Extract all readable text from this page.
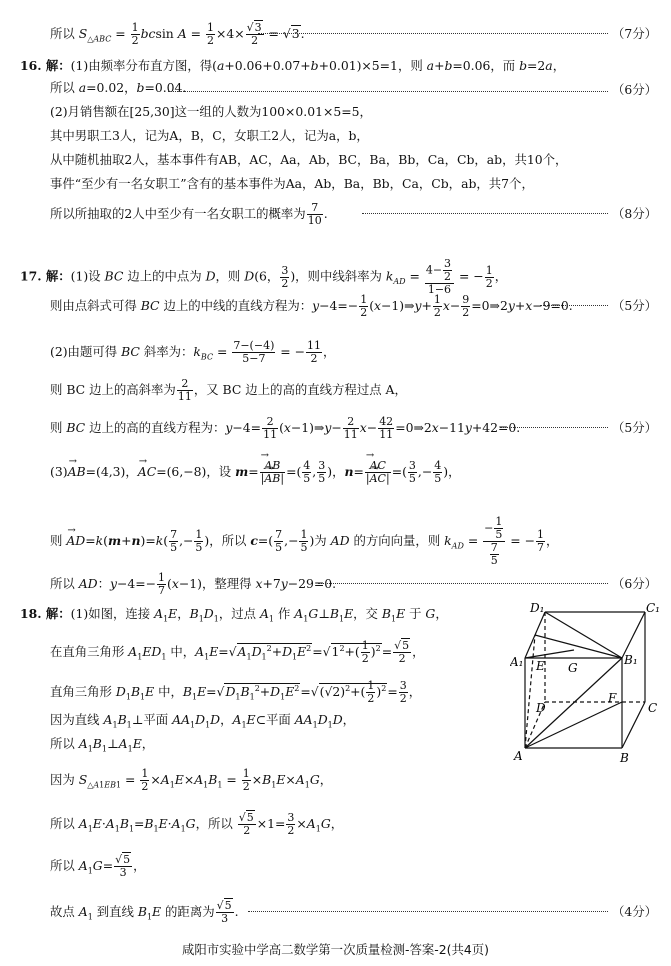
所以 $S_{\triangle ABC} = \frac{1}{2}$ bcsin $A = \frac{1}{2} \times 4\times \frac{√3}{2} = √3$.	（7分）
16. 解：(1)由频率分布直方图，得(a+0.06+0.07+b+0.01)×5=1，则 a+b=0.06，而 b=2a，
所以 a=0.02，b=0.04.	（6分）
(2)月销售额在[25,30]这一组的人数为100×0.01×5=5，
其中男职工3人，记为A，B，C，女职工2人，记为a，b，
从中随机抽取2人，基本事件有AB，AC，Aa，Ab，BC，Ba，Bb，Ca，Cb，ab，共10个，
事件“至少有一名女职工”含有的基本事件为Aa，Ab，Ba，Bb，Ca，Cb，ab，共7个，
所以所抽取的2人中至少有一名女职工的概率为 $\frac{7}{10}$ .	（8分）
17. 解：(1)设 BC 边上的中点为 D，则 D(6， $\frac{3}{2}$ )，则中线斜率为 $k_{AD} = \frac{4- \frac{3}{2}}{1-6}$ = − $\frac{1}{2}$ ，
则由点斜式可得 BC 边上的中线的直线方程为：$y-4=- \frac{1}{2}$ (x−1)⇒y+ $\frac{1}{2} x- \frac{9}{2}$ =0⇒2y+x−9=0.	（5分）
(2)由题可得 BC 斜率为：$k_{BC} = \frac{7-(-4)}{5-7}$ = − $\frac{11}{2}$ ，
则 BC 边上的高斜率为 $\frac{2}{11}$ ，又 BC 边上的高的直线方程过点 A，
则 BC 边上的高的直线方程为：$y-4= \frac{2}{11}$ (x−1)⇒y− $\frac{2}{11} x- \frac{42}{11}$ =0⇒2x−11y+42=0.	（5分）
(3)→ AB=(4,3)，→ AC=(6,−8)，设 m=
→ $\frac{AB}{|\to AB|}$ =( $\frac{4}{5}$ , $\frac{3}{5}$ )，n=
→ $\frac{AC}{|\to AC|}$ =( $\frac{3}{5}$ ,− $\frac{4}{5}$ )，
则 → $AD=k(m+n)=k( \frac{7}{5}$ ,− $\frac{1}{5}$ )，所以 $c=( \frac{7}{5}$ ,− $\frac{1}{5}$ )为 AD 的方向向量，则 $k_{AD} = \frac{- \frac{1}{5}}{\frac{7}{5}}$ = − $\frac{1}{7}$ ，
所以 AD：$y-4=- \frac{1}{7} (x-1)$，整理得 x+7y−29=0.	（6分）
18. 解：(1)如图，连接 $A_1E$，$B_1D_1$，过点 $A_1$ 作 $A_1G\perp B_1E$，交 $B_1E$ 于 G，
在直角三角形 $A_1ED_1$ 中，$A_1E=√A_1D_1^2+D_1E^2=√1^2+( \frac{1}{2} )^2= \frac{√5}{2}$ ，
直角三角形 $D_1B_1E$ 中，$B_1E=√D_1B_1^2+D_1E^2=√(√2)^2+( \frac{1}{2} )^2= \frac{3}{2}$ ，
因为直线 $A_1B_1\perp$平面 $AA_1D_1D$，$A_1E\subset$平面 $AA_1D_1D$，
所以 $A_1B_1\perp A_1E$，
因为 $S_{\triangle A1EB1} = \frac{1}{2} \times A_1E\times A_1B_1 = \frac{1}{2} \times B_1E\times A_1G$，
所以 $A_1E\cdot A_1B_1=B_1E\cdot A_1G$，所以 $\frac{√5}{2} \times 1= \frac{3}{2} \times A_1G$，
所以 $A_1G= \frac{√5}{3}$ ，
故点 $A_1$ 到直线 $B_1E$ 的距离为 $\frac{√5}{3}$ .	（4分）
D₁	C₁
A₁ E G
B₁
D
F
C
A	B
咸阳市实验中学高二数学第一次质量检测-答案-2(共4页)
